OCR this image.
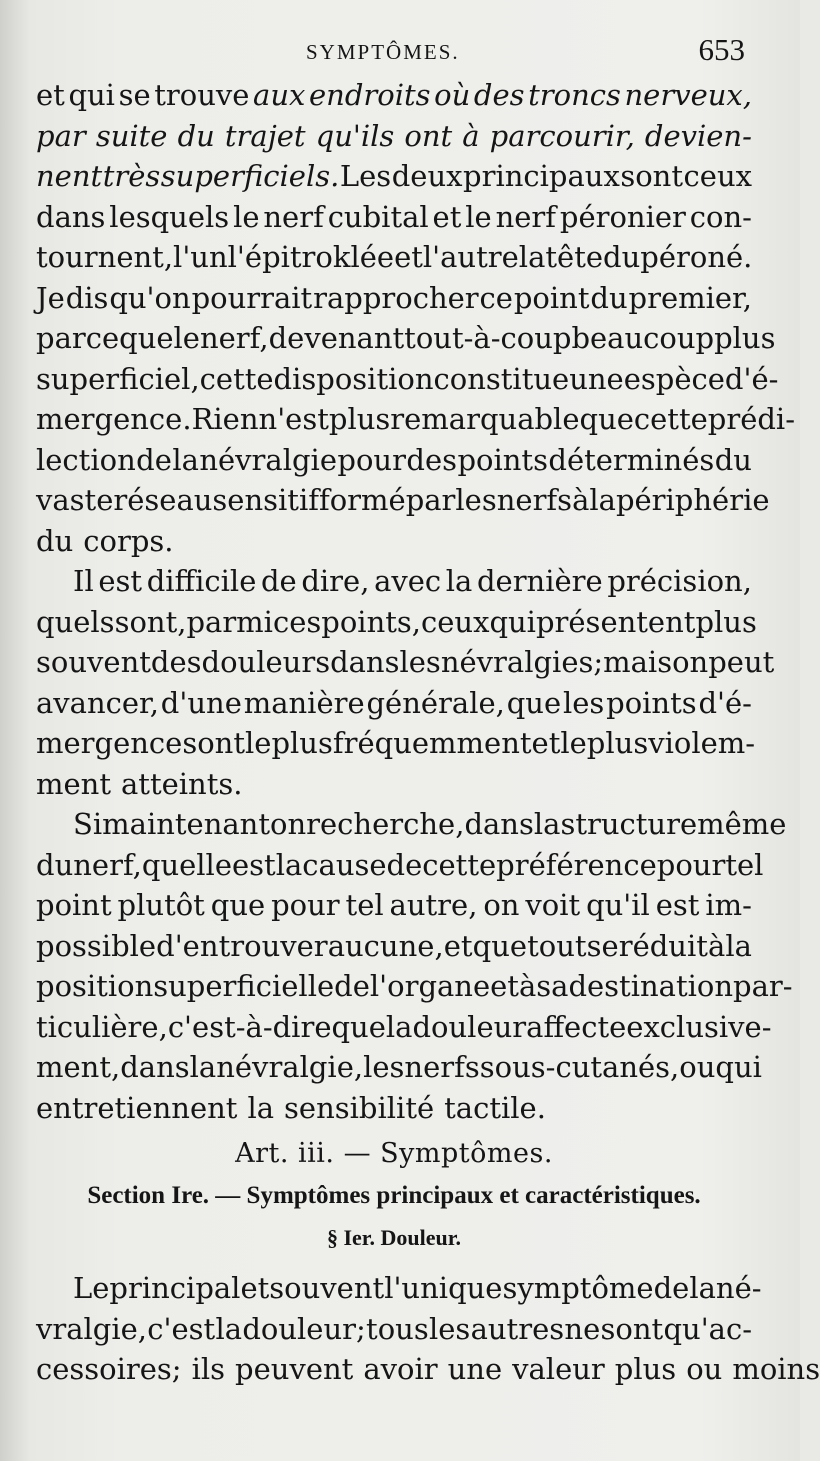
SYMPTÔMES.	653
et qui se trouve aux endroits où des troncs nerveux,
par suite du trajet qu'ils ont à parcourir, devien-
nent très superficiels. Les deux principaux sont ceux
dans lesquels le nerf cubital et le nerf péronier con-
tournent, l'un l'épitroklée et l'autre la tête du péroné.
Je dis qu'on pourrait rapprocher ce point du premier,
parce que le nerf, devenant tout-à-coup beaucoup plus
superficiel, cette disposition constitue une espèce d'é-
mergence. Rien n'est plus remarquable que cette prédi-
lection de la névralgie pour des points déterminés du
vaste réseau sensitif formé par les nerfs à la périphérie
du corps.
Il est difficile de dire, avec la dernière précision,
quels sont, parmi ces points, ceux qui présentent plus
souvent des douleurs dans les névralgies; mais on peut
avancer, d'une manière générale, que les points d'é-
mergence sont le plus fréquemment et le plus violem-
ment atteints.
Si maintenant on recherche, dans la structure même
du nerf, quelle est la cause de cette préférence pour tel
point plutôt que pour tel autre, on voit qu'il est im-
possible d'en trouver aucune, et que tout se réduit à la
position superficielle de l'organe et à sa destination par-
ticulière, c'est-à-dire que la douleur affecte exclusive-
ment, dans la névralgie, les nerfs sous-cutanés, ou qui
entretiennent la sensibilité tactile.
Art. iii. — Symptômes.
Section Ire. — Symptômes principaux et caractéristiques.
§ Ier. Douleur.
Le principal et souvent l'unique symptôme de la né-
vralgie, c'est la douleur; tous les autres ne sont qu'ac-
cessoires; ils peuvent avoir une valeur plus ou moins
